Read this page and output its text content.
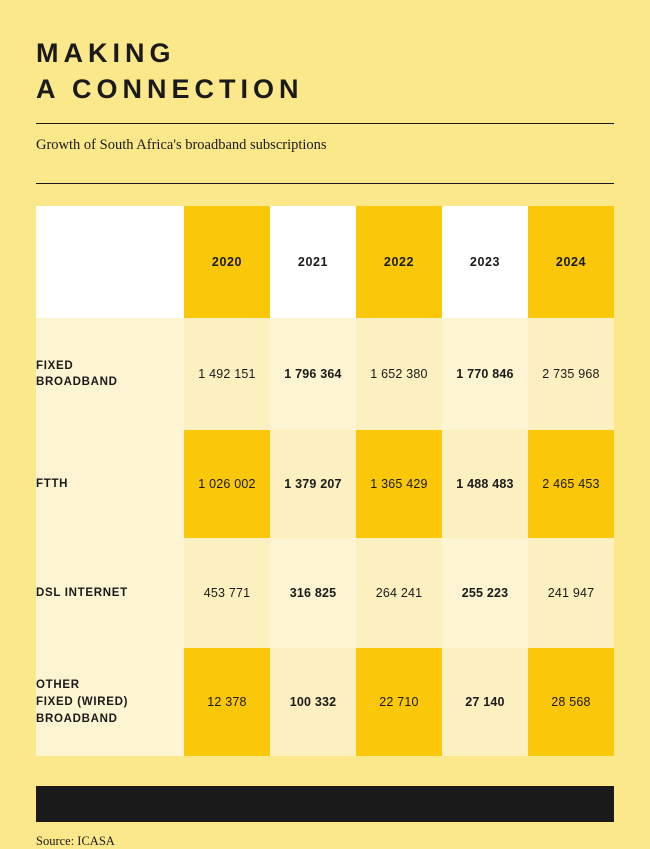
MAKING
A CONNECTION

Growth of South Africa's broadband subscriptions

	2020	2021	2022	2023	2024
FIXED
BROADBAND	1 492 151	1 796 364	1 652 380	1 770 846	2 735 968
FTTH	1 026 002	1 379 207	1 365 429	1 488 483	2 465 453
DSL INTERNET	453 771	316 825	264 241	255 223	241 947
OTHER
FIXED (WIRED)
BROADBAND	12 378	100 332	22 710	27 140	28 568
Source: ICASA
